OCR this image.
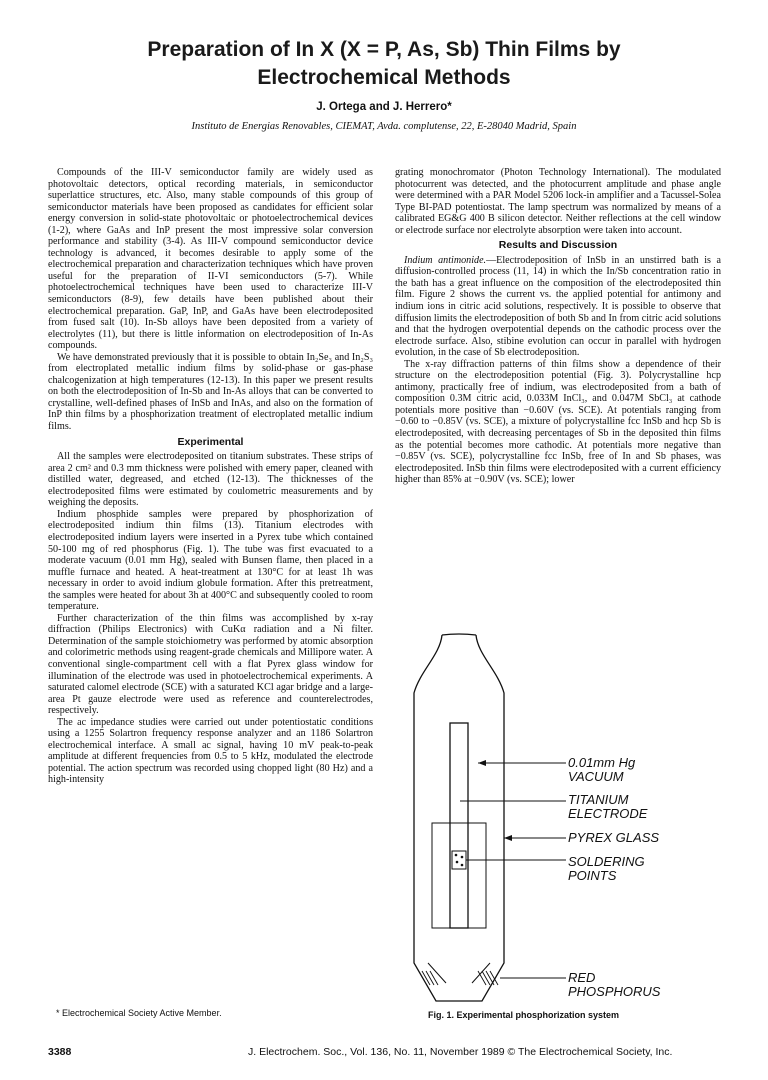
Preparation of In X (X = P, As, Sb) Thin Films by
Electrochemical Methods
J. Ortega and J. Herrero*
Instituto de Energias Renovables, CIEMAT, Avda. complutense, 22, E-28040 Madrid, Spain

Compounds of the III-V semiconductor family are widely used as photovoltaic detectors, optical recording materials, in semiconductor superlattice structures, etc. Also, many stable compounds of this group of semiconductor materials have been proposed as candidates for efficient solar energy conversion in solid-state photovoltaic or photoelectrochemical devices (1-2), where GaAs and InP present the most impressive solar conversion performance and stability (3-4). As III-V compound semiconductor device technology is advanced, it becomes desirable to apply some of the electrochemical preparation and characterization techniques which have proven useful for the preparation of II-VI semiconductors (5-7). While photoelectrochemical techniques have been used to characterize III-V semiconductors (8-9), few details have been published about their electrochemical preparation. GaP, InP, and GaAs have been electrodeposited from fused salt (10). In-Sb alloys have been deposited from a variety of electrolytes (11), but there is little information on electrodeposition of In-As compounds.

We have demonstrated previously that it is possible to obtain In₂Se₃ and In₂S₃ from electroplated metallic indium films by solid-phase or gas-phase chalcogenization at high temperatures (12-13). In this paper we present results on both the electrodeposition of In-Sb and In-As alloys that can be converted to crystalline, well-defined phases of InSb and InAs, and also on the formation of InP thin films by a phosphorization treatment of electroplated metallic indium films.

Experimental

All the samples were electrodeposited on titanium substrates. These strips of area 2 cm² and 0.3 mm thickness were polished with emery paper, cleaned with distilled water, degreased, and etched (12-13). The thicknesses of the electrodeposited films were estimated by coulometric measurements and by weighing the deposits.

Indium phosphide samples were prepared by phosphorization of electrodeposited indium thin films (13). Titanium electrodes with electrodeposited indium layers were inserted in a Pyrex tube which contained 50-100 mg of red phosphorus (Fig. 1). The tube was first evacuated to a moderate vacuum (0.01 mm Hg), sealed with Bunsen flame, then placed in a muffle furnace and heated. A heat-treatment at 130°C for at least 1h was necessary in order to avoid indium globule formation. After this pretreatment, the samples were heated for about 3h at 400°C and subsequently cooled to room temperature.

Further characterization of the thin films was accomplished by x-ray diffraction (Philips Electronics) with CuKα radiation and a Ni filter. Determination of the sample stoichiometry was performed by atomic absorption and colorimetric methods using reagent-grade chemicals and Millipore water. A conventional single-compartment cell with a flat Pyrex glass window for illumination of the electrode was used in photoelectrochemical experiments. A saturated calomel electrode (SCE) with a saturated KCl agar bridge and a large-area Pt gauze electrode were used as reference and counterelectrodes, respectively.

The ac impedance studies were carried out under potentiostatic conditions using a 1255 Solartron frequency response analyzer and an 1186 Solartron electrochemical interface. A small ac signal, having 10 mV peak-to-peak amplitude at different frequencies from 0.5 to 5 kHz, modulated the electrode potential. The action spectrum was recorded using chopped light (80 Hz) and a high-intensity

grating monochromator (Photon Technology International). The modulated photocurrent was detected, and the photocurrent amplitude and phase angle were determined with a PAR Model 5206 lock-in amplifier and a Tacussel-Solea Type BI-PAD potentiostat. The lamp spectrum was normalized by means of a calibrated EG&G 400 B silicon detector. Neither reflections at the cell window or electrode surface nor electrolyte absorption were taken into account.

Results and Discussion

Indium antimonide.—Electrodeposition of InSb in an unstirred bath is a diffusion-controlled process (11, 14) in which the In/Sb concentration ratio in the bath has a great influence on the composition of the electrodeposited thin film. Figure 2 shows the current vs. the applied potential for antimony and indium ions in citric acid solutions, respectively. It is possible to observe that diffusion limits the electrodeposition of both Sb and In from citric acid solutions and that the hydrogen overpotential depends on the cathodic process over the electrode surface. Also, stibine evolution can occur in parallel with hydrogen evolution, in the case of Sb electrodeposition.

The x-ray diffraction patterns of thin films show a dependence of their structure on the electrodeposition potential (Fig. 3). Polycrystalline hcp antimony, practically free of indium, was electrodeposited from a bath of composition 0.3M citric acid, 0.033M InCl₃, and 0.047M SbCl₃ at cathode potentials more positive than −0.60V (vs. SCE). At potentials ranging from −0.60 to −0.85V (vs. SCE), a mixture of polycrystalline fcc InSb and hcp Sb is electrodeposited, with decreasing percentages of Sb in the deposited thin films as the potential becomes more cathodic. At potentials more negative than −0.85V (vs. SCE), polycrystalline fcc InSb, free of In and Sb phases, was electrodeposited. InSb thin films were electrodeposited with a current efficiency higher than 85% at −0.90V (vs. SCE); lower

0.01mm Hg
VACUUM
TITANIUM
ELECTRODE
PYREX GLASS
SOLDERING
POINTS
RED
PHOSPHORUS
Fig. 1. Experimental phosphorization system
* Electrochemical Society Active Member.
3388	J. Electrochem. Soc., Vol. 136, No. 11, November 1989 © The Electrochemical Society, Inc.
